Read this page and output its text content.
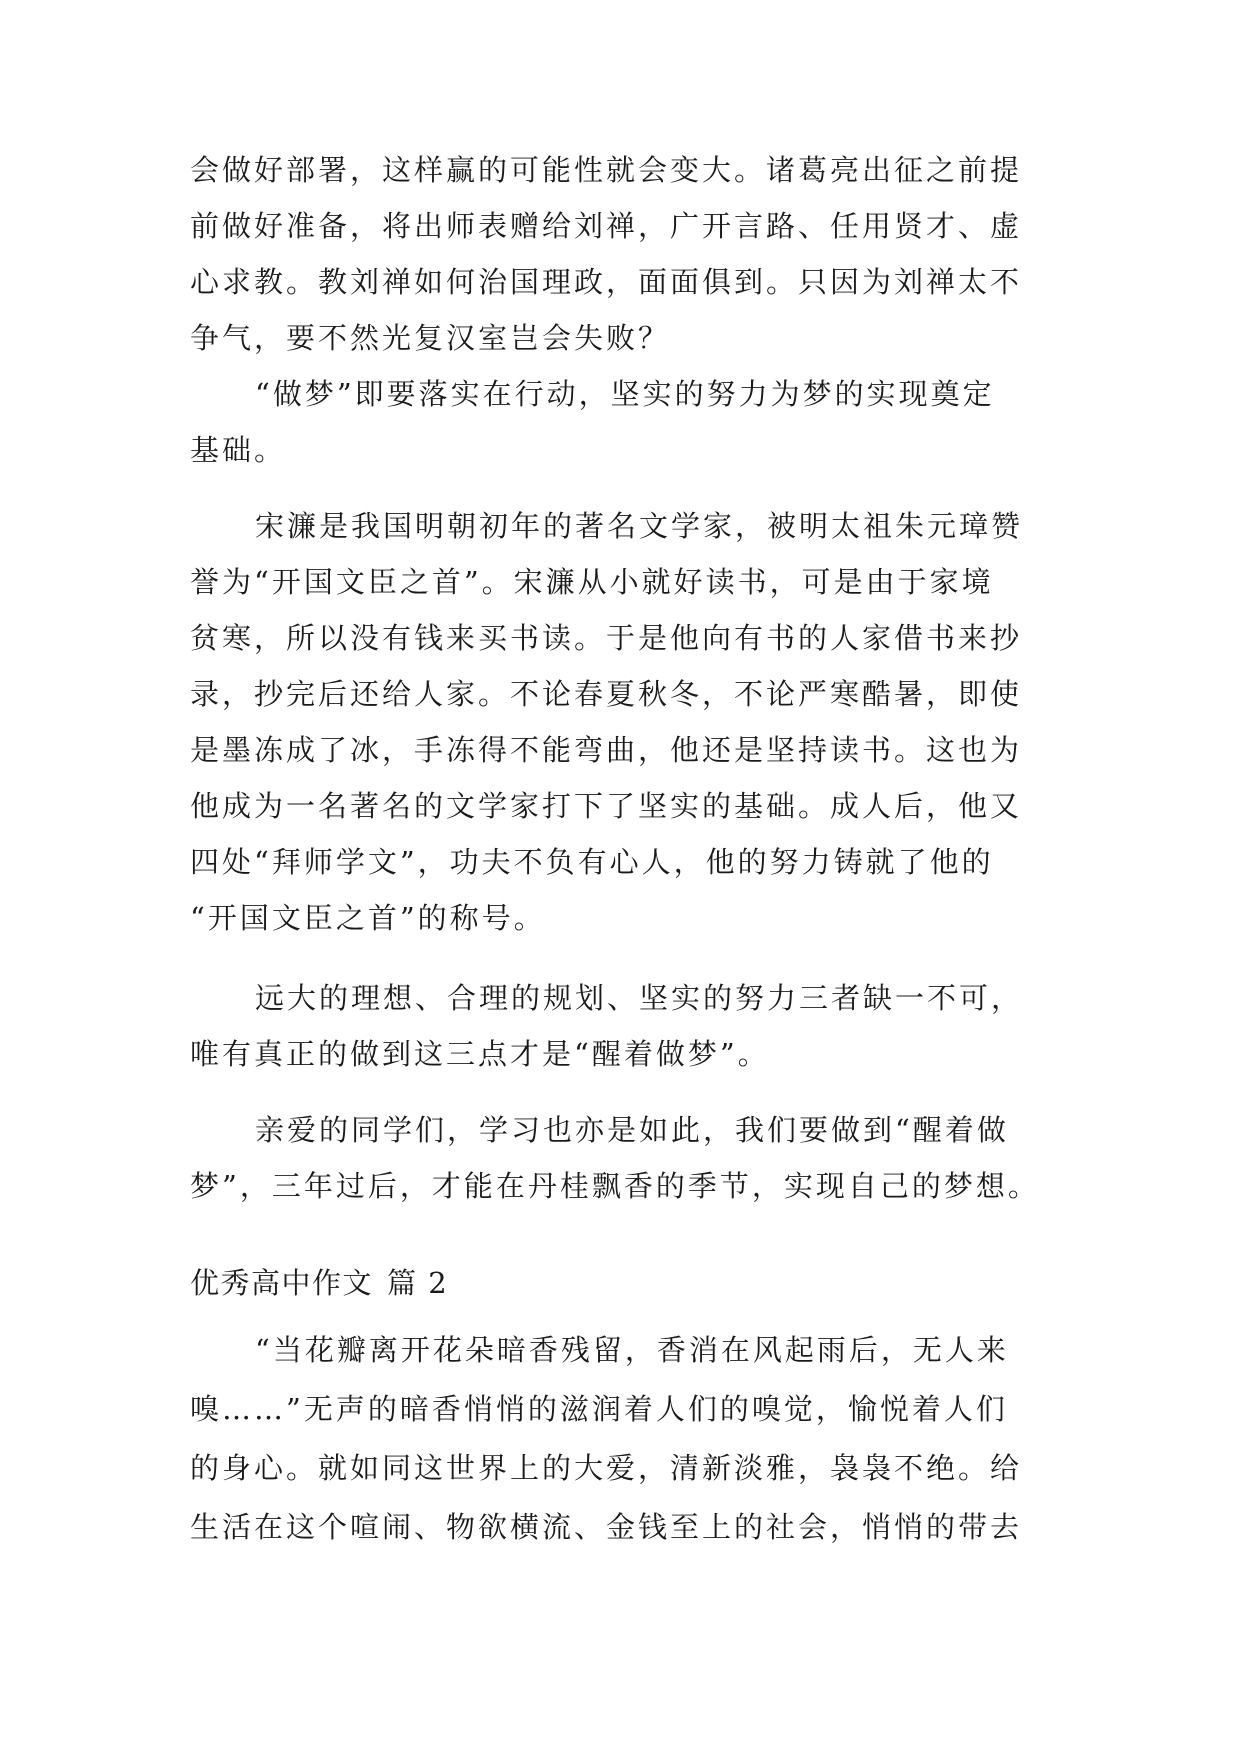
会做好部署，这样赢的可能性就会变大。诸葛亮出征之前提
前做好准备，将出师表赠给刘禅，广开言路、任用贤才、虚
心求教。教刘禅如何治国理政，面面俱到。只因为刘禅太不
争气，要不然光复汉室岂会失败？
“做梦”即要落实在行动，坚实的努力为梦的实现奠定
基础。
宋濂是我国明朝初年的著名文学家，被明太祖朱元璋赞
誉为“开国文臣之首”。宋濂从小就好读书，可是由于家境
贫寒，所以没有钱来买书读。于是他向有书的人家借书来抄
录，抄完后还给人家。不论春夏秋冬，不论严寒酷暑，即使
是墨冻成了冰，手冻得不能弯曲，他还是坚持读书。这也为
他成为一名著名的文学家打下了坚实的基础。成人后，他又
四处“拜师学文”，功夫不负有心人，他的努力铸就了他的
“开国文臣之首”的称号。
远大的理想、合理的规划、坚实的努力三者缺一不可，
唯有真正的做到这三点才是“醒着做梦”。
亲爱的同学们，学习也亦是如此，我们要做到“醒着做
梦”，三年过后，才能在丹桂飘香的季节，实现自己的梦想。
优秀高中作文 篇 2
“当花瓣离开花朵暗香残留，香消在风起雨后，无人来
嗅……”无声的暗香悄悄的滋润着人们的嗅觉，愉悦着人们
的身心。就如同这世界上的大爱，清新淡雅，袅袅不绝。给
生活在这个喧闹、物欲横流、金钱至上的社会，悄悄的带去
